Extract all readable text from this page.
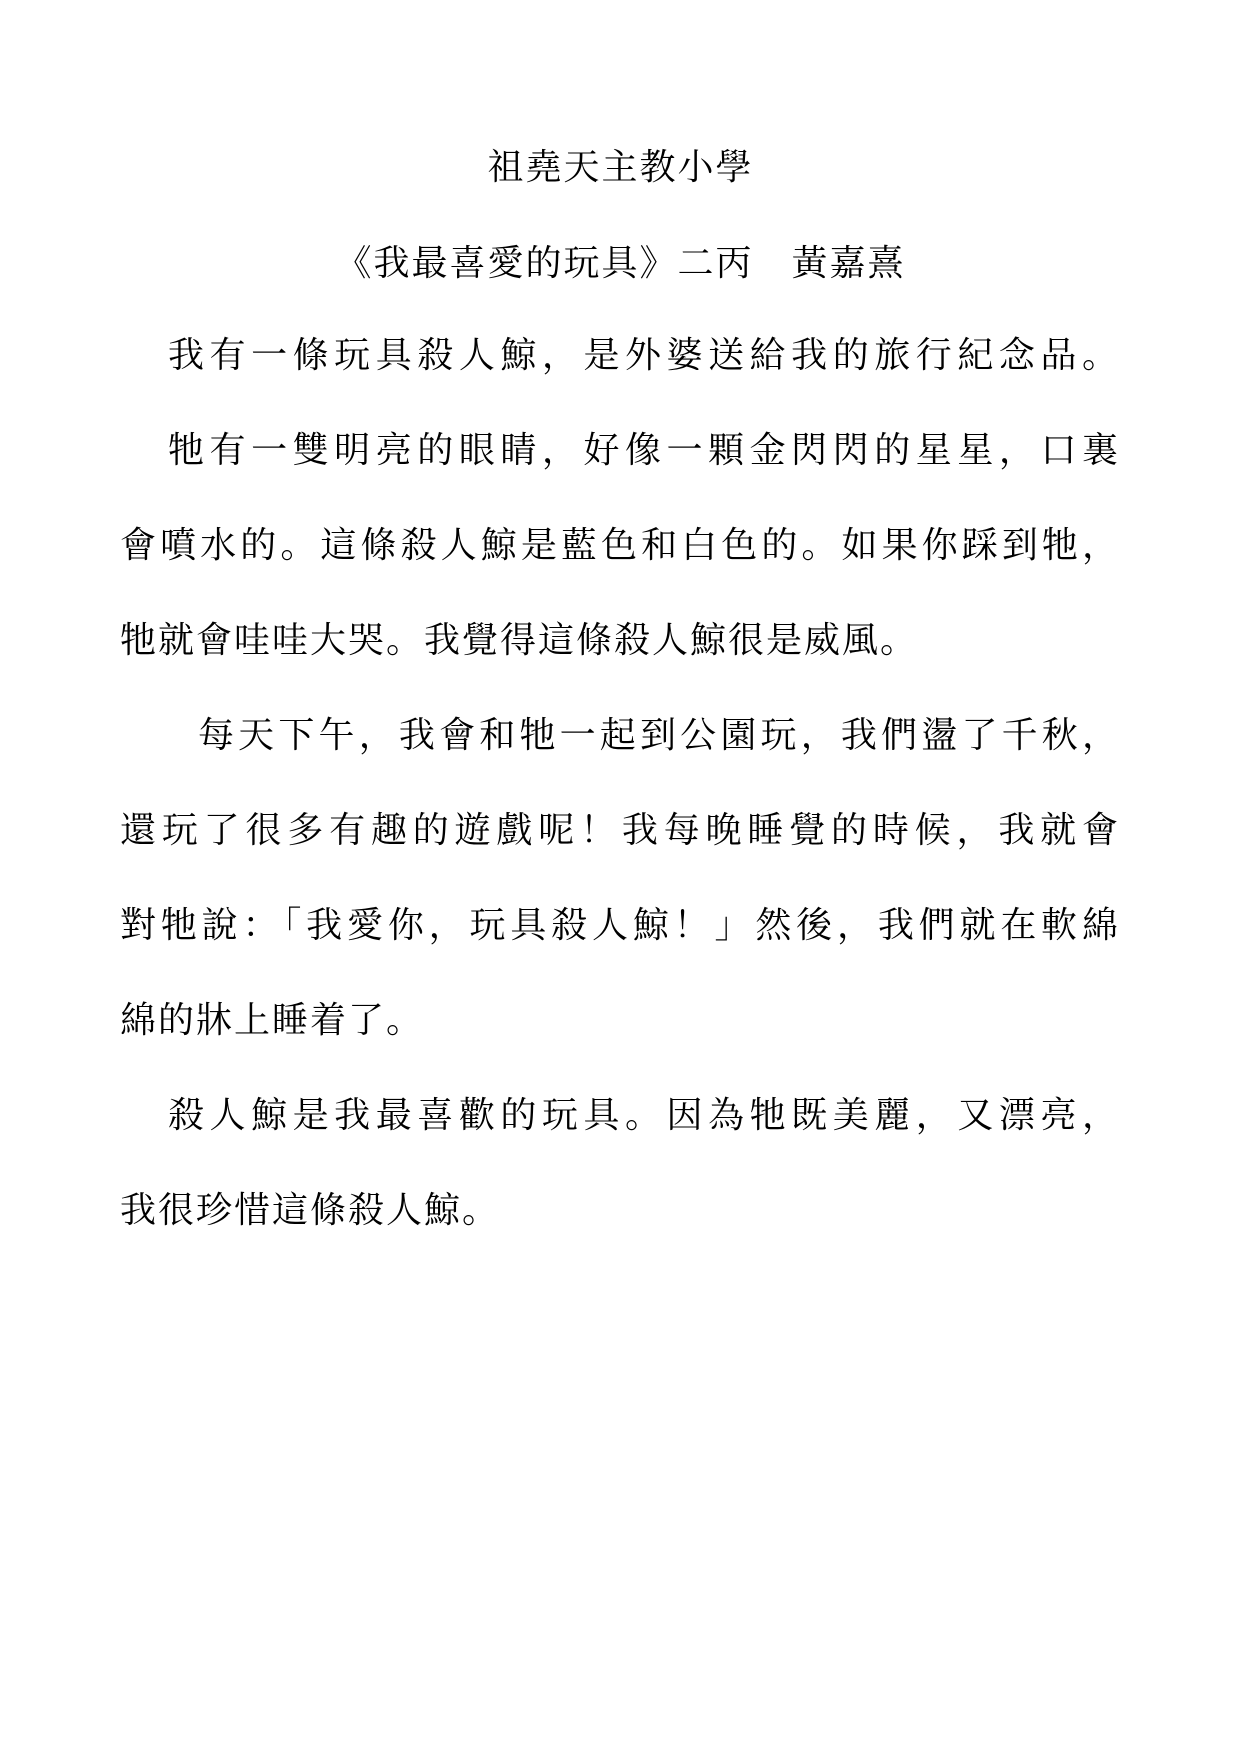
祖堯天主教小學
《我最喜愛的玩具》二丙　黃嘉熹
我有一條玩具殺人鯨，是外婆送給我的旅行紀念品。
牠有一雙明亮的眼睛，好像一顆金閃閃的星星，口裏
會噴水的。這條殺人鯨是藍色和白色的。如果你踩到牠，
牠就會哇哇大哭。我覺得這條殺人鯨很是威風。
每天下午，我會和牠一起到公園玩，我們盪了千秋，
還玩了很多有趣的遊戲呢！我每晚睡覺的時候，我就會
對牠說：「我愛你，玩具殺人鯨！」然後，我們就在軟綿
綿的牀上睡着了。
殺人鯨是我最喜歡的玩具。因為牠既美麗，又漂亮，
我很珍惜這條殺人鯨。
